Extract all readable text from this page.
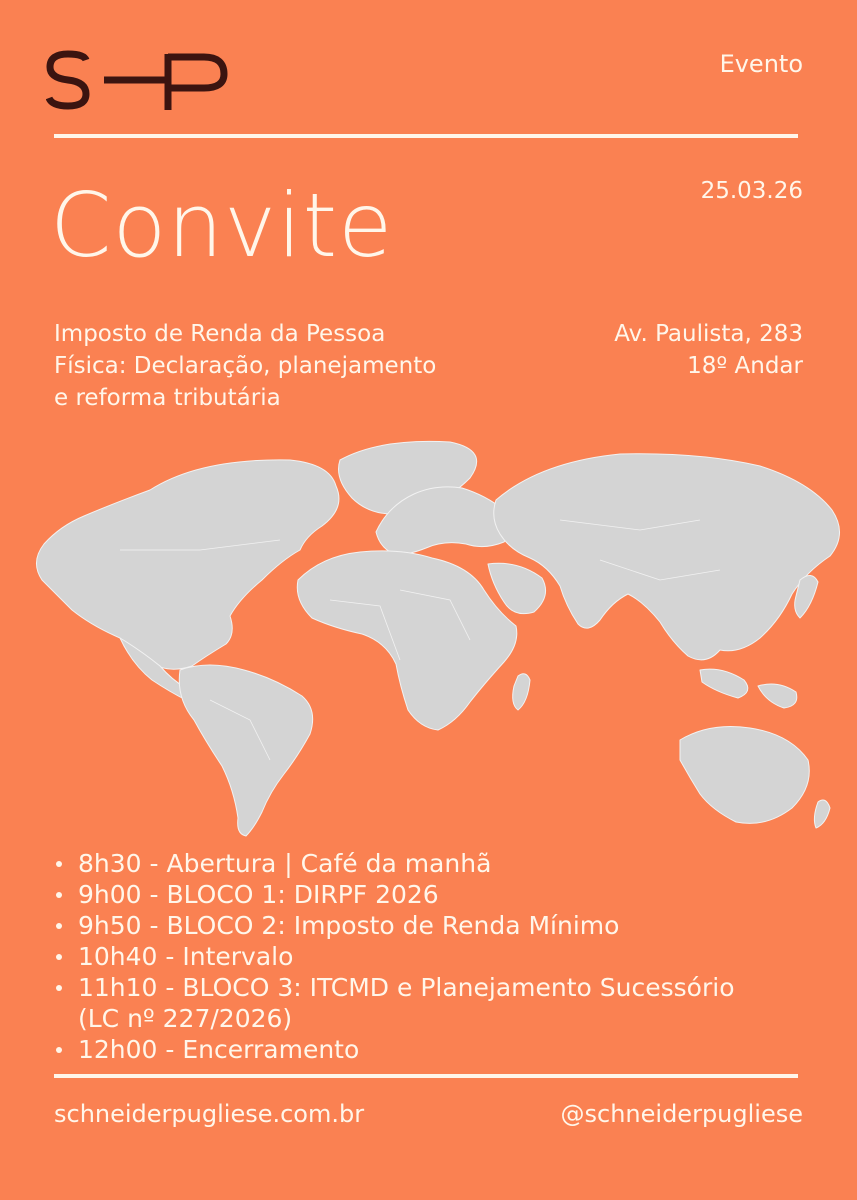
Evento
25.03.26
Convite
Imposto de Renda da Pessoa
Física: Declaração, planejamento
e reforma tributária
Av. Paulista, 283
18º Andar
8h30 - Abertura | Café da manhã
9h00 - BLOCO 1: DIRPF 2026
9h50 - BLOCO 2: Imposto de Renda Mínimo
10h40 - Intervalo
11h10 - BLOCO 3: ITCMD e Planejamento Sucessório
(LC nº 227/2026)
12h00 - Encerramento
schneiderpugliese.com.br	@schneiderpugliese
